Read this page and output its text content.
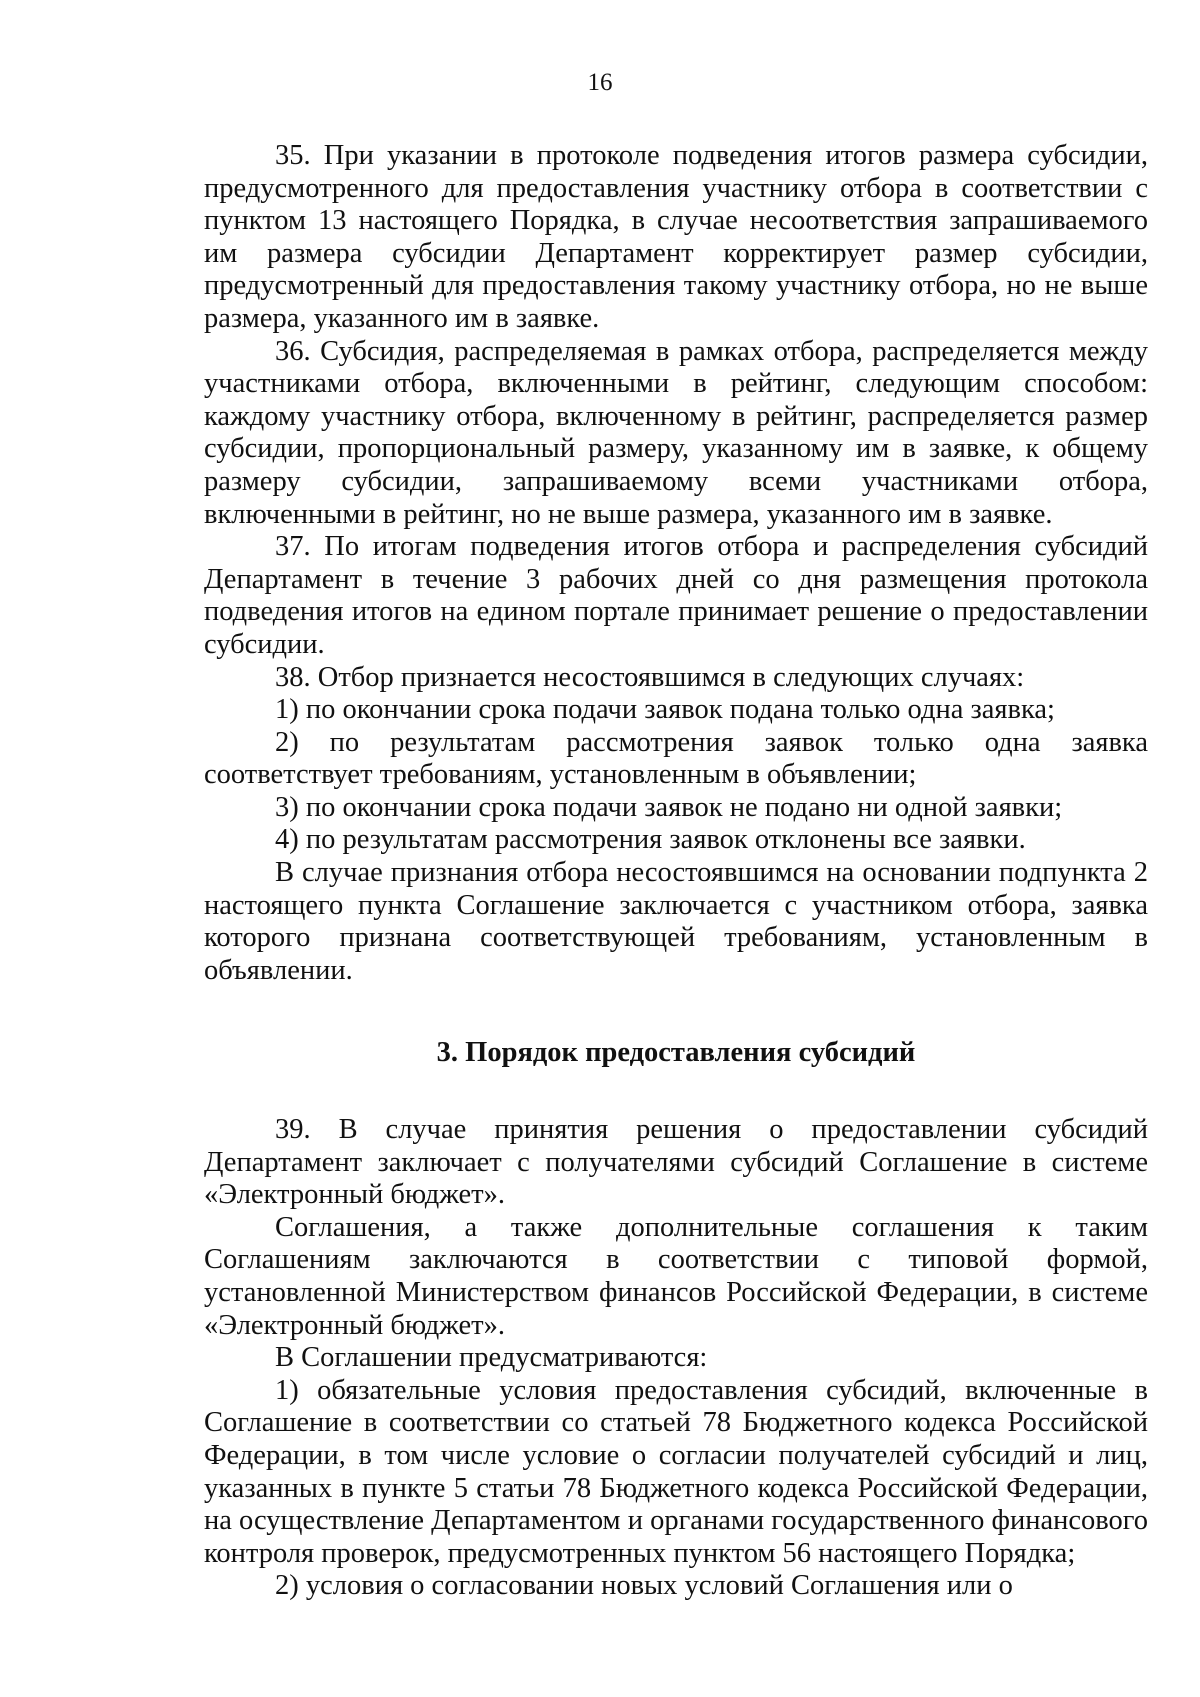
16

35. При указании в протоколе подведения итогов размера субсидии, предусмотренного для предоставления участнику отбора в соответствии с пунктом 13 настоящего Порядка, в случае несоответствия запрашиваемого им размера субсидии Департамент корректирует размер субсидии, предусмотренный для предоставления такому участнику отбора, но не выше размера, указанного им в заявке.

36. Субсидия, распределяемая в рамках отбора, распределяется между участниками отбора, включенными в рейтинг, следующим способом: каждому участнику отбора, включенному в рейтинг, распределяется размер субсидии, пропорциональный размеру, указанному им в заявке, к общему размеру субсидии, запрашиваемому всеми участниками отбора, включенными в рейтинг, но не выше размера, указанного им в заявке.

37. По итогам подведения итогов отбора и распределения субсидий Департамент в течение 3 рабочих дней со дня размещения протокола подведения итогов на едином портале принимает решение о предоставлении субсидии.

38. Отбор признается несостоявшимся в следующих случаях:

1) по окончании срока подачи заявок подана только одна заявка;

2) по результатам рассмотрения заявок только одна заявка соответствует требованиям, установленным в объявлении;

3) по окончании срока подачи заявок не подано ни одной заявки;

4) по результатам рассмотрения заявок отклонены все заявки.

В случае признания отбора несостоявшимся на основании подпункта 2 настоящего пункта Соглашение заключается с участником отбора, заявка которого признана соответствующей требованиям, установленным в объявлении.

3. Порядок предоставления субсидий

39. В случае принятия решения о предоставлении субсидий Департамент заключает с получателями субсидий Соглашение в системе «Электронный бюджет».

Соглашения, а также дополнительные соглашения к таким Соглашениям заключаются в соответствии с типовой формой, установленной Министерством финансов Российской Федерации, в системе «Электронный бюджет».

В Соглашении предусматриваются:

1) обязательные условия предоставления субсидий, включенные в Соглашение в соответствии со статьей 78 Бюджетного кодекса Российской Федерации, в том числе условие о согласии получателей субсидий и лиц, указанных в пункте 5 статьи 78 Бюджетного кодекса Российской Федерации, на осуществление Департаментом и органами государственного финансового контроля проверок, предусмотренных пунктом 56 настоящего Порядка;

2) условия о согласовании новых условий Соглашения или о
